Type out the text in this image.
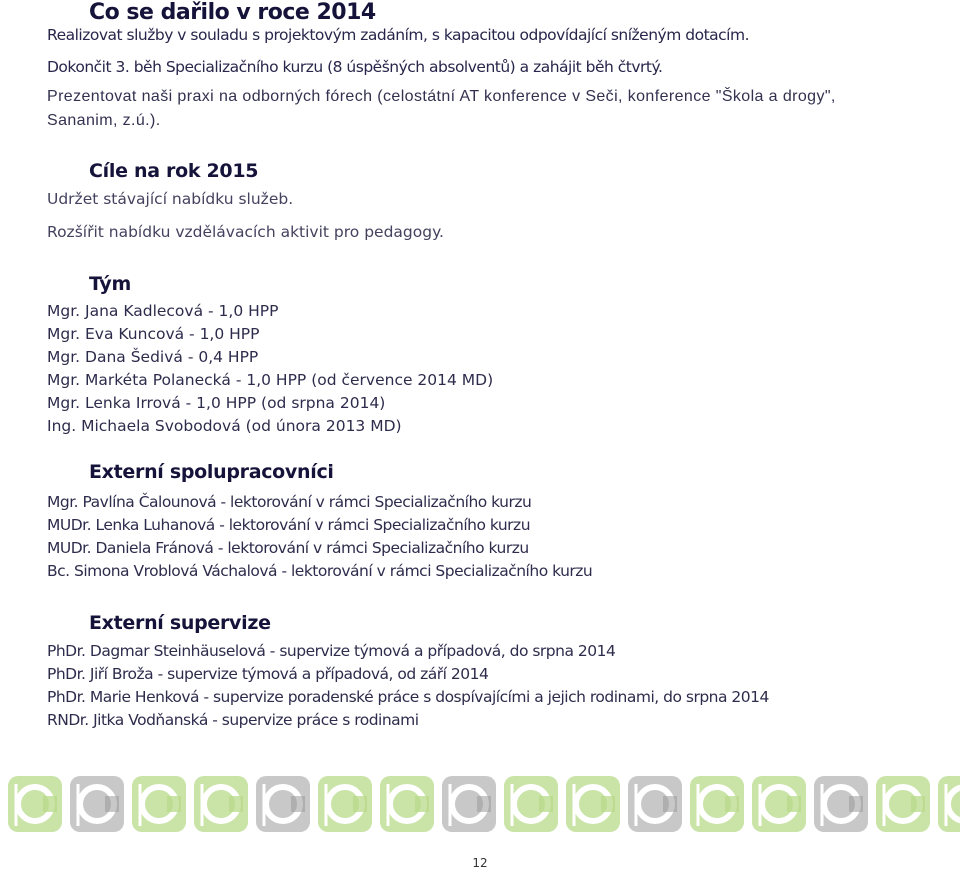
Co se dařilo v roce 2014

Realizovat služby v souladu s projektovým zadáním, s kapacitou odpovídající sníženým dotacím.

Dokončit 3. běh Specializačního kurzu (8 úspěšných absolventů) a zahájit běh čtvrtý.

Prezentovat naši praxi na odborných fórech (celostátní AT konference v Seči, konference "Škola a drogy",

Sananim, z.ú.).

Cíle na rok 2015

Udržet stávající nabídku služeb.

Rozšířit nabídku vzdělávacích aktivit pro pedagogy.

Tým
Mgr. Jana Kadlecová - 1,0 HPP
Mgr. Eva Kuncová - 1,0 HPP
Mgr. Dana Šedivá - 0,4 HPP
Mgr. Markéta Polanecká - 1,0 HPP (od července 2014 MD)
Mgr. Lenka Irrová - 1,0 HPP (od srpna 2014)
Ing. Michaela Svobodová (od února 2013 MD)
Externí spolupracovníci
Mgr. Pavlína Čalounová - lektorování v rámci Specializačního kurzu
MUDr. Lenka Luhanová - lektorování v rámci Specializačního kurzu
MUDr. Daniela Fránová - lektorování v rámci Specializačního kurzu
Bc. Simona Vroblová Váchalová - lektorování v rámci Specializačního kurzu
Externí supervize
PhDr. Dagmar Steinhäuselová - supervize týmová a případová, do srpna 2014
PhDr. Jiří Broža - supervize týmová a případová, od září 2014
PhDr. Marie Henková - supervize poradenské práce s dospívajícími a jejich rodinami, do srpna 2014
RNDr. Jitka Vodňanská - supervize práce s rodinami
12
